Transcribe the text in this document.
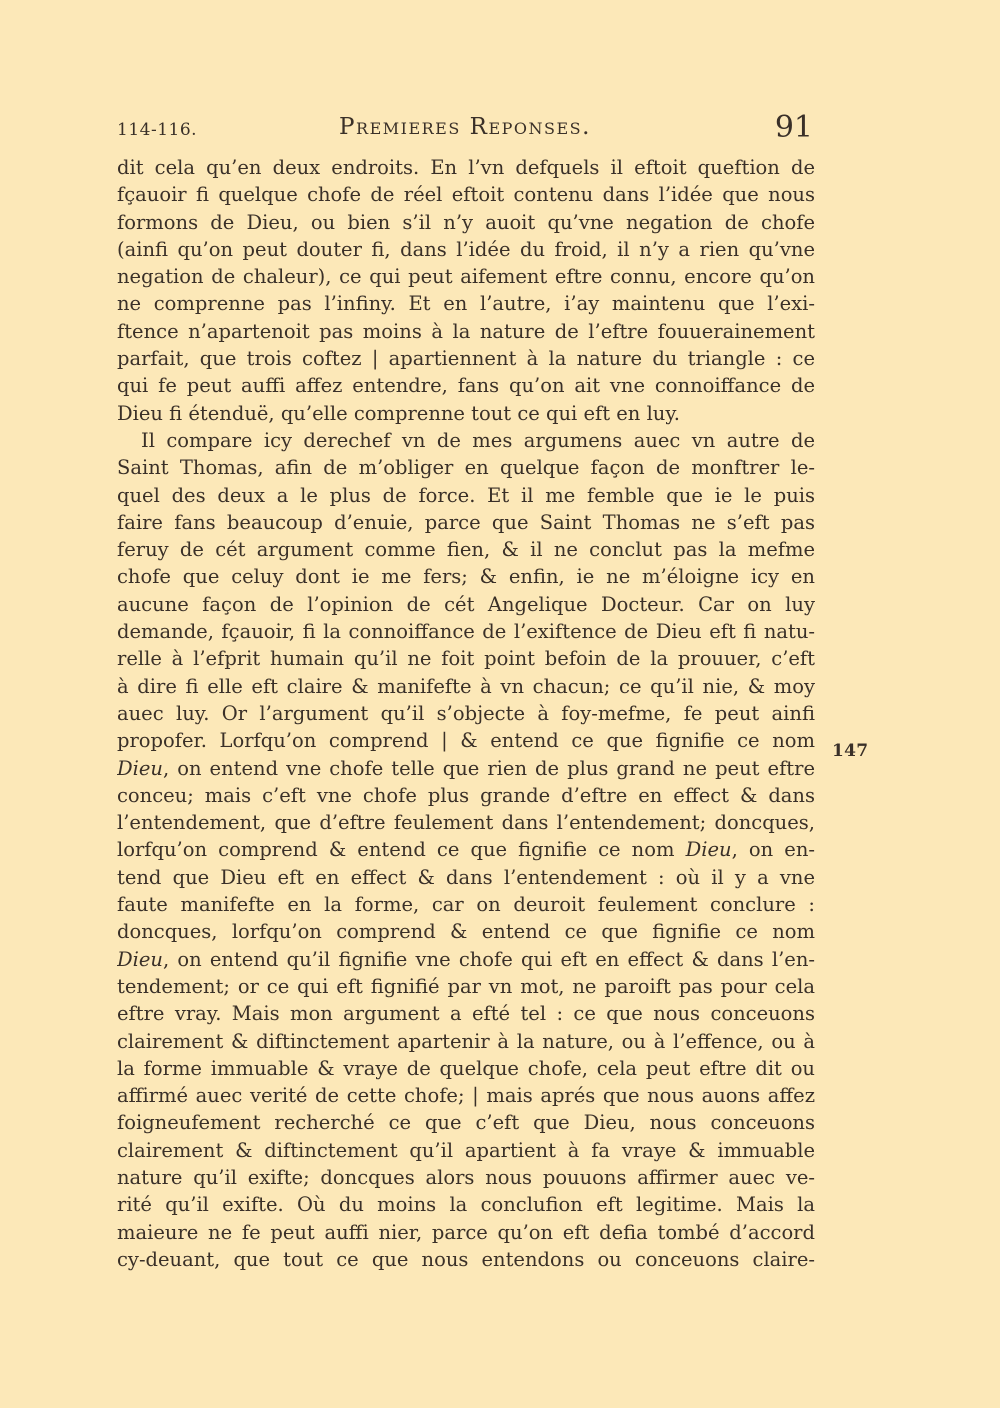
114-116.	Premieres Reponses.	91
dit cela qu’en deux endroits. En l’vn defquels il eftoit queftion de
fçauoir fi quelque chofe de réel eftoit contenu dans l’idée que nous
formons de Dieu, ou bien s’il n’y auoit qu’vne negation de chofe
(ainfi qu’on peut douter fi, dans l’idée du froid, il n’y a rien qu’vne
negation de chaleur), ce qui peut aifement eftre connu, encore qu’on
ne comprenne pas l’infiny. Et en l’autre, i’ay maintenu que l’exi-
ftence n’apartenoit pas moins à la nature de l’eftre fouuerainement
parfait, que trois coftez | apartiennent à la nature du triangle : ce
qui fe peut auffi affez entendre, fans qu’on ait vne connoiffance de
Dieu fi étenduë, qu’elle comprenne tout ce qui eft en luy.
Il compare icy derechef vn de mes argumens auec vn autre de
Saint Thomas, afin de m’obliger en quelque façon de monftrer le-
quel des deux a le plus de force. Et il me femble que ie le puis
faire fans beaucoup d’enuie, parce que Saint Thomas ne s’eft pas
feruy de cét argument comme fien, & il ne conclut pas la mefme
chofe que celuy dont ie me fers; & enfin, ie ne m’éloigne icy en
aucune façon de l’opinion de cét Angelique Docteur. Car on luy
demande, fçauoir, fi la connoiffance de l’exiftence de Dieu eft fi natu-
relle à l’efprit humain qu’il ne foit point befoin de la prouuer, c’eft
à dire fi elle eft claire & manifefte à vn chacun; ce qu’il nie, & moy
auec luy. Or l’argument qu’il s’objecte à foy-mefme, fe peut ainfi
propofer. Lorfqu’on comprend | & entend ce que fignifie ce nom
Dieu, on entend vne chofe telle que rien de plus grand ne peut eftre
conceu; mais c’eft vne chofe plus grande d’eftre en effect & dans
l’entendement, que d’eftre feulement dans l’entendement; doncques,
lorfqu’on comprend & entend ce que fignifie ce nom Dieu, on en-
tend que Dieu eft en effect & dans l’entendement : où il y a vne
faute manifefte en la forme, car on deuroit feulement conclure :
doncques, lorfqu’on comprend & entend ce que fignifie ce nom
Dieu, on entend qu’il fignifie vne chofe qui eft en effect & dans l’en-
tendement; or ce qui eft fignifié par vn mot, ne paroift pas pour cela
eftre vray. Mais mon argument a efté tel : ce que nous conceuons
clairement & diftinctement apartenir à la nature, ou à l’effence, ou à
la forme immuable & vraye de quelque chofe, cela peut eftre dit ou
affirmé auec verité de cette chofe; | mais aprés que nous auons affez
foigneufement recherché ce que c’eft que Dieu, nous conceuons
clairement & diftinctement qu’il apartient à fa vraye & immuable
nature qu’il exifte; doncques alors nous pouuons affirmer auec ve-
rité qu’il exifte. Où du moins la conclufion eft legitime. Mais la
maieure ne fe peut auffi nier, parce qu’on eft defia tombé d’accord
cy-deuant, que tout ce que nous entendons ou conceuons claire-
147
